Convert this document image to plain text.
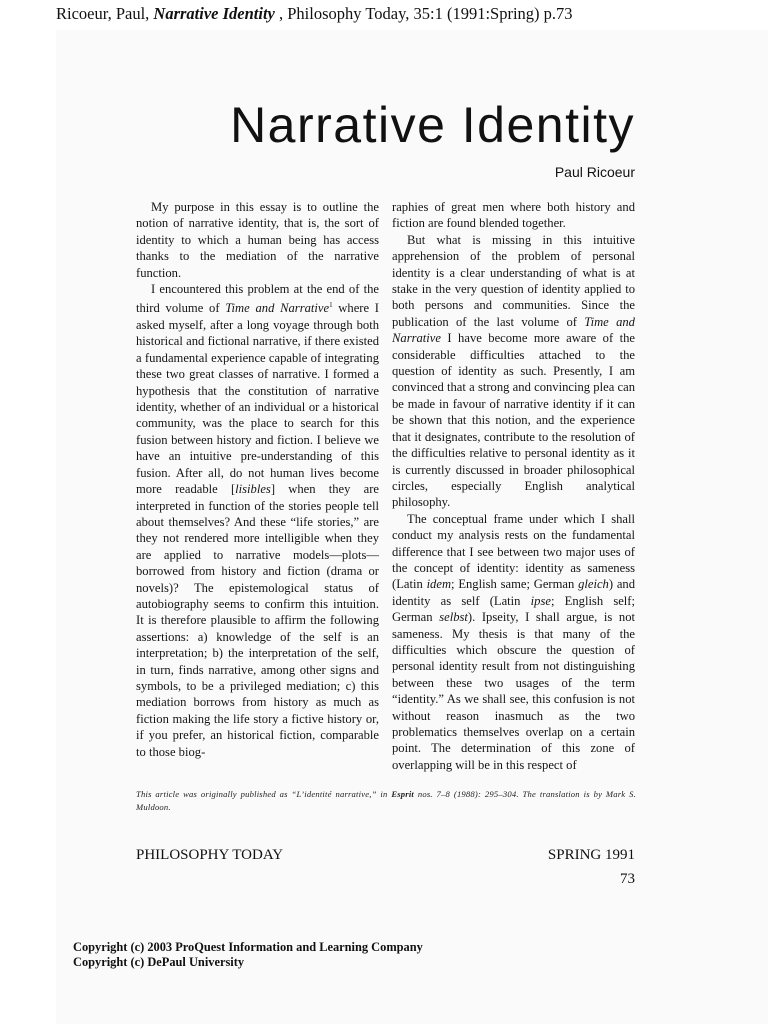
Ricoeur, Paul, Narrative Identity , Philosophy Today, 35:1 (1991:Spring) p.73
Narrative Identity
Paul Ricoeur

My purpose in this essay is to outline the notion of narrative identity, that is, the sort of identity to which a human being has access thanks to the mediation of the narrative function.

I encountered this problem at the end of the third volume of Time and Narrative$^1$ where I asked myself, after a long voyage through both historical and fictional narrative, if there existed a fundamental experience capable of integrating these two great classes of narrative. I formed a hypothesis that the constitution of narrative identity, whether of an individual or a historical community, was the place to search for this fusion between history and fiction. I believe we have an intuitive pre-understanding of this fusion. After all, do not human lives become more readable [lisibles] when they are interpreted in function of the stories people tell about themselves? And these “life stories,” are they not rendered more intelligible when they are applied to narrative models—plots—borrowed from history and fiction (drama or novels)? The epistemological status of autobiography seems to confirm this intuition. It is therefore plausible to affirm the following assertions: a) knowledge of the self is an interpretation; b) the interpretation of the self, in turn, finds narrative, among other signs and symbols, to be a privileged mediation; c) this mediation borrows from history as much as fiction making the life story a fictive history or, if you prefer, an historical fiction, comparable to those biog-

raphies of great men where both history and fiction are found blended together.

But what is missing in this intuitive apprehension of the problem of personal identity is a clear understanding of what is at stake in the very question of identity applied to both persons and communities. Since the publication of the last volume of Time and Narrative I have become more aware of the considerable difficulties attached to the question of identity as such. Presently, I am convinced that a strong and convincing plea can be made in favour of narrative identity if it can be shown that this notion, and the experience that it designates, contribute to the resolution of the difficulties relative to personal identity as it is currently discussed in broader philosophical circles, especially English analytical philosophy.

The conceptual frame under which I shall conduct my analysis rests on the fundamental difference that I see between two major uses of the concept of identity: identity as sameness (Latin idem; English same; German gleich) and identity as self (Latin ipse; English self; German selbst). Ipseity, I shall argue, is not sameness. My thesis is that many of the difficulties which obscure the question of personal identity result from not distinguishing between these two usages of the term “identity.” As we shall see, this confusion is not without reason inasmuch as the two problematics themselves overlap on a certain point. The determination of this zone of overlapping will be in this respect of

This article was originally published as “L’identité narrative,” in Esprit nos. 7–8 (1988): 295–304. The translation is by Mark S. Muldoon.
PHILOSOPHY TODAY	SPRING 1991
73
Copyright (c) 2003 ProQuest Information and Learning Company
Copyright (c) DePaul University
